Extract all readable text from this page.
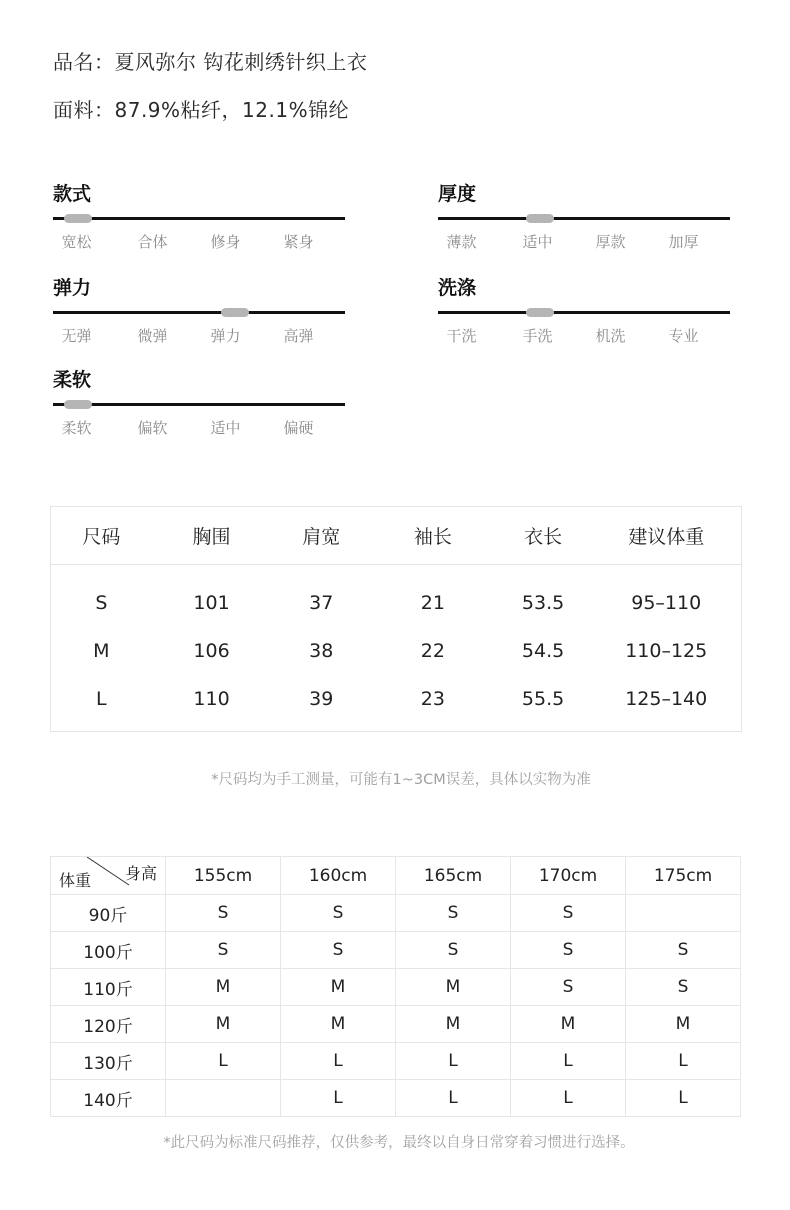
品名：夏风弥尔 钩花刺绣针织上衣
面料：87.9%粘纤，12.1%锦纶
款式
宽松	合体	修身	紧身
厚度
薄款	适中	厚款	加厚
弹力
无弹	微弹	弹力	高弹
洗涤
干洗	手洗	机洗	专业
柔软
柔软	偏软	适中	偏硬
尺码	胸围	肩宽	袖长	衣长	建议体重
S	101	37	21	53.5	95–110
M	106	38	22	54.5	110–125
L	110	39	23	55.5	125–140
*尺码均为手工测量，可能有1~3CM误差，具体以实物为准
体重 身高	155cm	160cm	165cm	170cm	175cm
90斤	S	S	S	S	
100斤	S	S	S	S	S
110斤	M	M	M	S	S
120斤	M	M	M	M	M
130斤	L	L	L	L	L
140斤		L	L	L	L
*此尺码为标准尺码推荐，仅供参考，最终以自身日常穿着习惯进行选择。
